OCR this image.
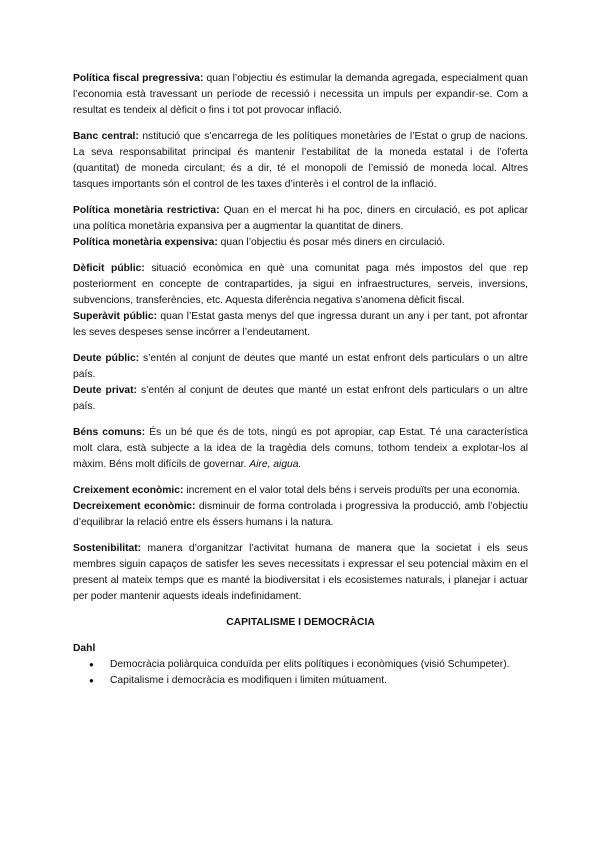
Política fiscal pregressiva: quan l’objectiu és estimular la demanda agregada, especialment quan l’economia està travessant un període de recessió i necessita un impuls per expandir-se. Com a resultat es tendeix al dèficit o fins i tot pot provocar inflació.

Banc central: nstitució que s’encarrega de les polítiques monetàries de l’Estat o grup de nacions. La seva responsabilitat principal és mantenir l’estabilitat de la moneda estatal i de l’oferta (quantitat) de moneda circulant; és a dir, té el monopoli de l’emissió de moneda local. Altres tasques importants són el control de les taxes d’interès i el control de la inflació.

Política monetària restrictiva: Quan en el mercat hi ha poc, diners en circulació, es pot aplicar una política monetària expansiva per a augmentar la quantitat de diners.

Política monetària expensiva: quan l’objectiu és posar més diners en circulació.

Dèficit públic: situació econòmica en què una comunitat paga més impostos del que rep posteriorment en concepte de contrapartides, ja sigui en infraestructures, serveis, inversions, subvencions, transferències, etc. Aquesta diferència negativa s’anomena dèficit fiscal.

Superàvit públic: quan l’Estat gasta menys del que ingressa durant un any i per tant, pot afrontar les seves despeses sense incórrer a l’endeutament.

Deute públic: s’entén al conjunt de deutes que manté un estat enfront dels particulars o un altre país.

Deute privat: s’entén al conjunt de deutes que manté un estat enfront dels particulars o un altre país.

Béns comuns: És un bé que és de tots, ningú es pot apropiar, cap Estat. Té una característica molt clara, està subjecte a la idea de la tragèdia dels comuns, tothom tendeix a explotar-los al màxim. Béns molt difícils de governar. Aire, aigua.

Creixement econòmic: increment en el valor total dels béns i serveis produïts per una economia.

Decreixement econòmic: disminuir de forma controlada i progressiva la producció, amb l’objectiu d’equilibrar la relació entre els éssers humans i la natura.

Sostenibilitat: manera d’organitzar l’activitat humana de manera que la societat i els seus membres siguin capaços de satisfer les seves necessitats i expressar el seu potencial màxim en el present al mateix temps que es manté la biodiversitat i els ecosistemes naturals, i planejar i actuar per poder mantenir aquests ideals indefinidament.

CAPITALISME I DEMOCRÀCIA

Dahl

● Democràcia poliàrquica conduïda per elits polítiques i econòmiques (visió Schumpeter).
● Capitalisme i democràcia es modifiquen i limiten mútuament.
